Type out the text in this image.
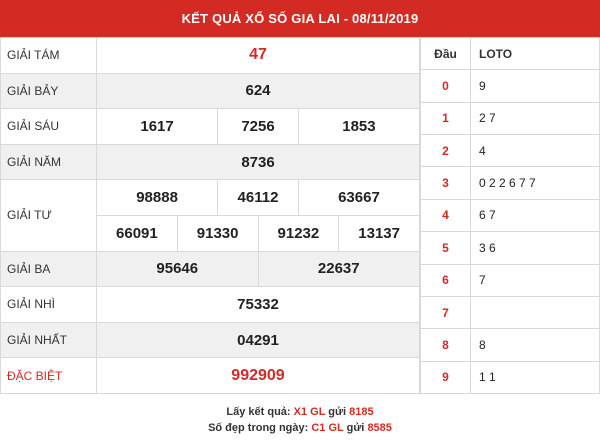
KẾT QUẢ XỔ SỐ GIA LAI - 08/11/2019
GIẢI TÁM	47					
GIẢI BẢY	624					
GIẢI SÁU	1617		7256		1853	
GIẢI NĂM	8736					
GIẢI TƯ	98888		46112		63667	
	66091	91330		91232		13137
GIẢI BA	95646			22637		
GIẢI NHÌ	75332					
GIẢI NHẤT	04291					
ĐẶC BIỆT	992909					
Đầu	LOTO
0	9
1	2 7
2	4
3	0 2 2 6 7 7
4	6 7
5	3 6
6	7
7	
8	8
9	1 1
Lấy kết quả: X1 GL gửi 8185
Số đẹp trong ngày: C1 GL gửi 8585
